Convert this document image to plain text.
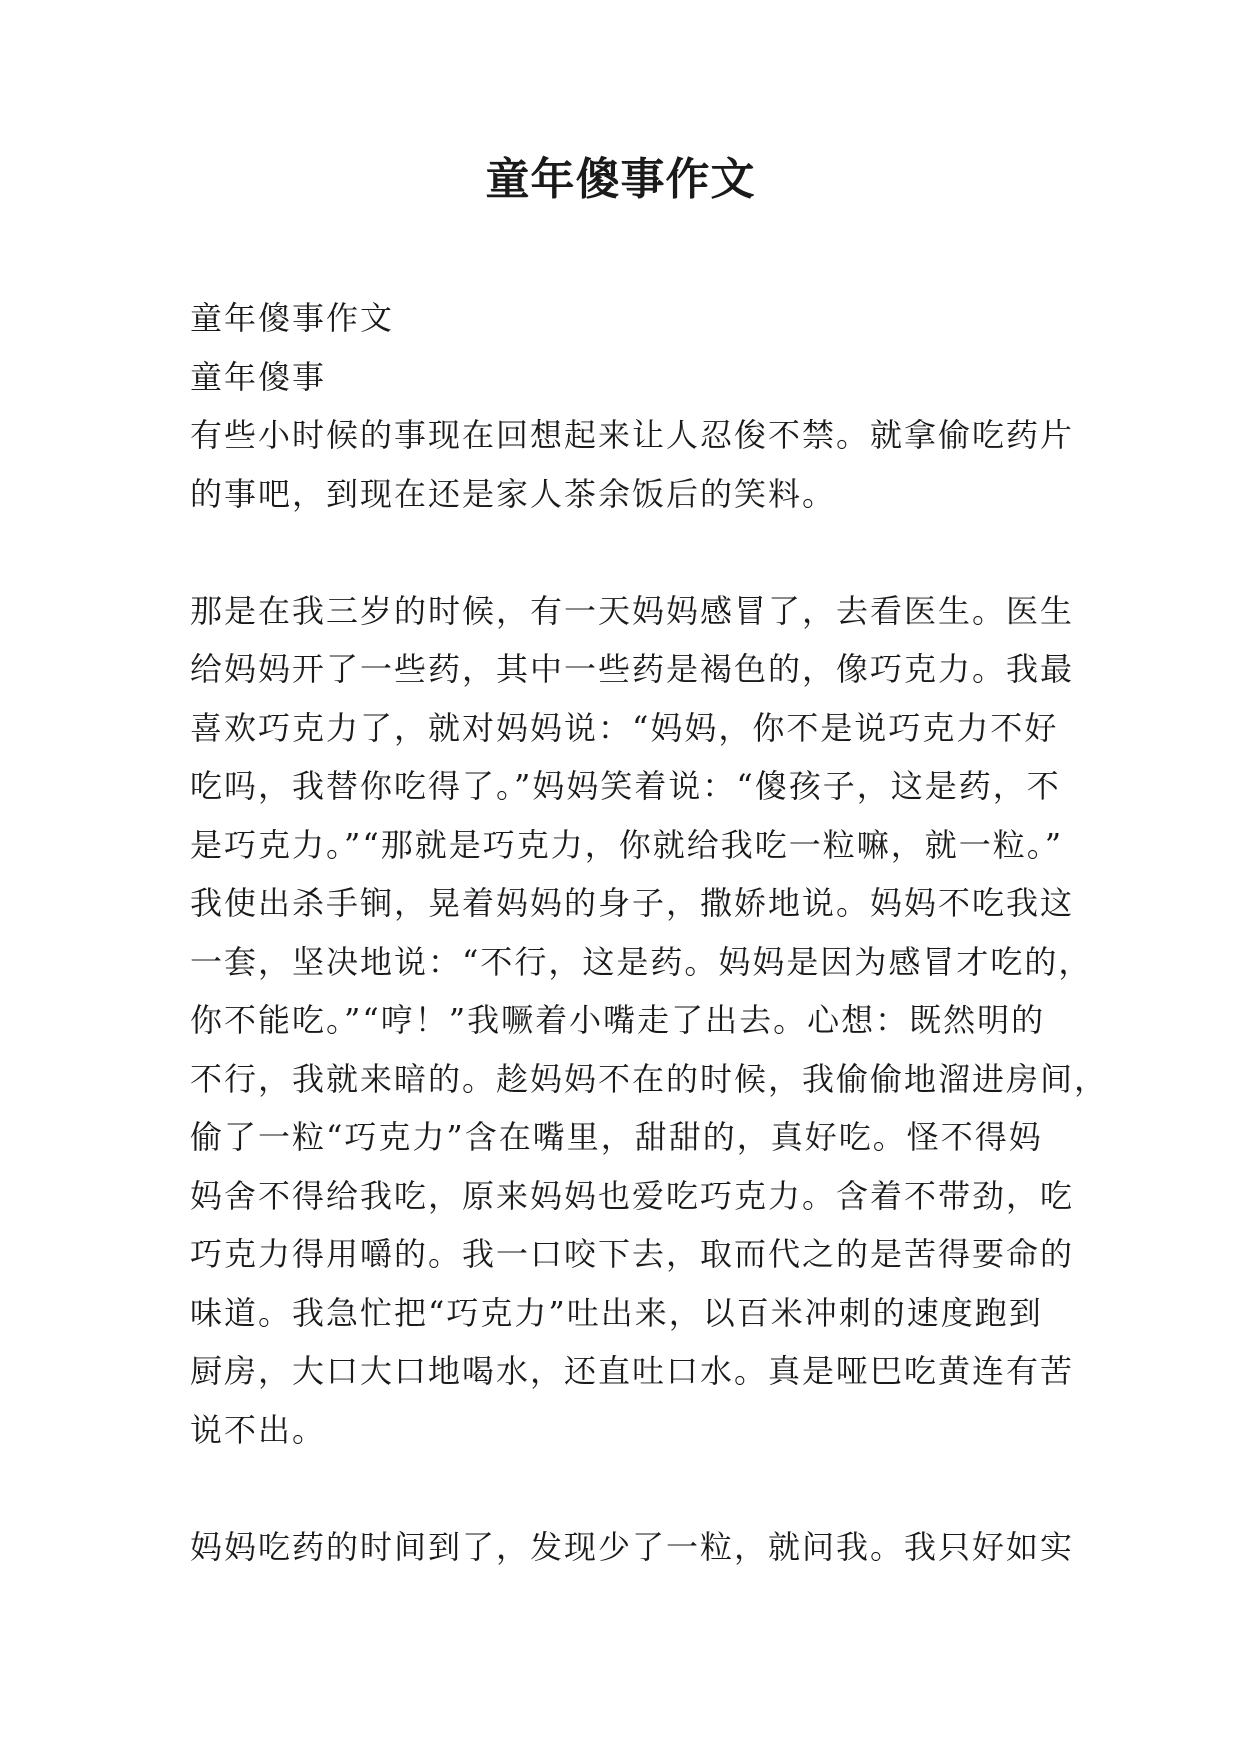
童年傻事作文
童年傻事作文
童年傻事
有些小时候的事现在回想起来让人忍俊不禁。就拿偷吃药片
的事吧，到现在还是家人茶余饭后的笑料。
那是在我三岁的时候，有一天妈妈感冒了，去看医生。医生
给妈妈开了一些药，其中一些药是褐色的，像巧克力。我最
喜欢巧克力了，就对妈妈说：“妈妈，你不是说巧克力不好
吃吗，我替你吃得了。”妈妈笑着说：“傻孩子，这是药，不
是巧克力。”“那就是巧克力，你就给我吃一粒嘛，就一粒。”
我使出杀手锏，晃着妈妈的身子，撒娇地说。妈妈不吃我这
一套，坚决地说：“不行，这是药。妈妈是因为感冒才吃的，
你不能吃。”“哼！”我噘着小嘴走了出去。心想：既然明的
不行，我就来暗的。趁妈妈不在的时候，我偷偷地溜进房间，
偷了一粒“巧克力”含在嘴里，甜甜的，真好吃。怪不得妈
妈舍不得给我吃，原来妈妈也爱吃巧克力。含着不带劲，吃
巧克力得用嚼的。我一口咬下去，取而代之的是苦得要命的
味道。我急忙把“巧克力”吐出来，以百米冲刺的速度跑到
厨房，大口大口地喝水，还直吐口水。真是哑巴吃黄连有苦
说不出。
妈妈吃药的时间到了，发现少了一粒，就问我。我只好如实
